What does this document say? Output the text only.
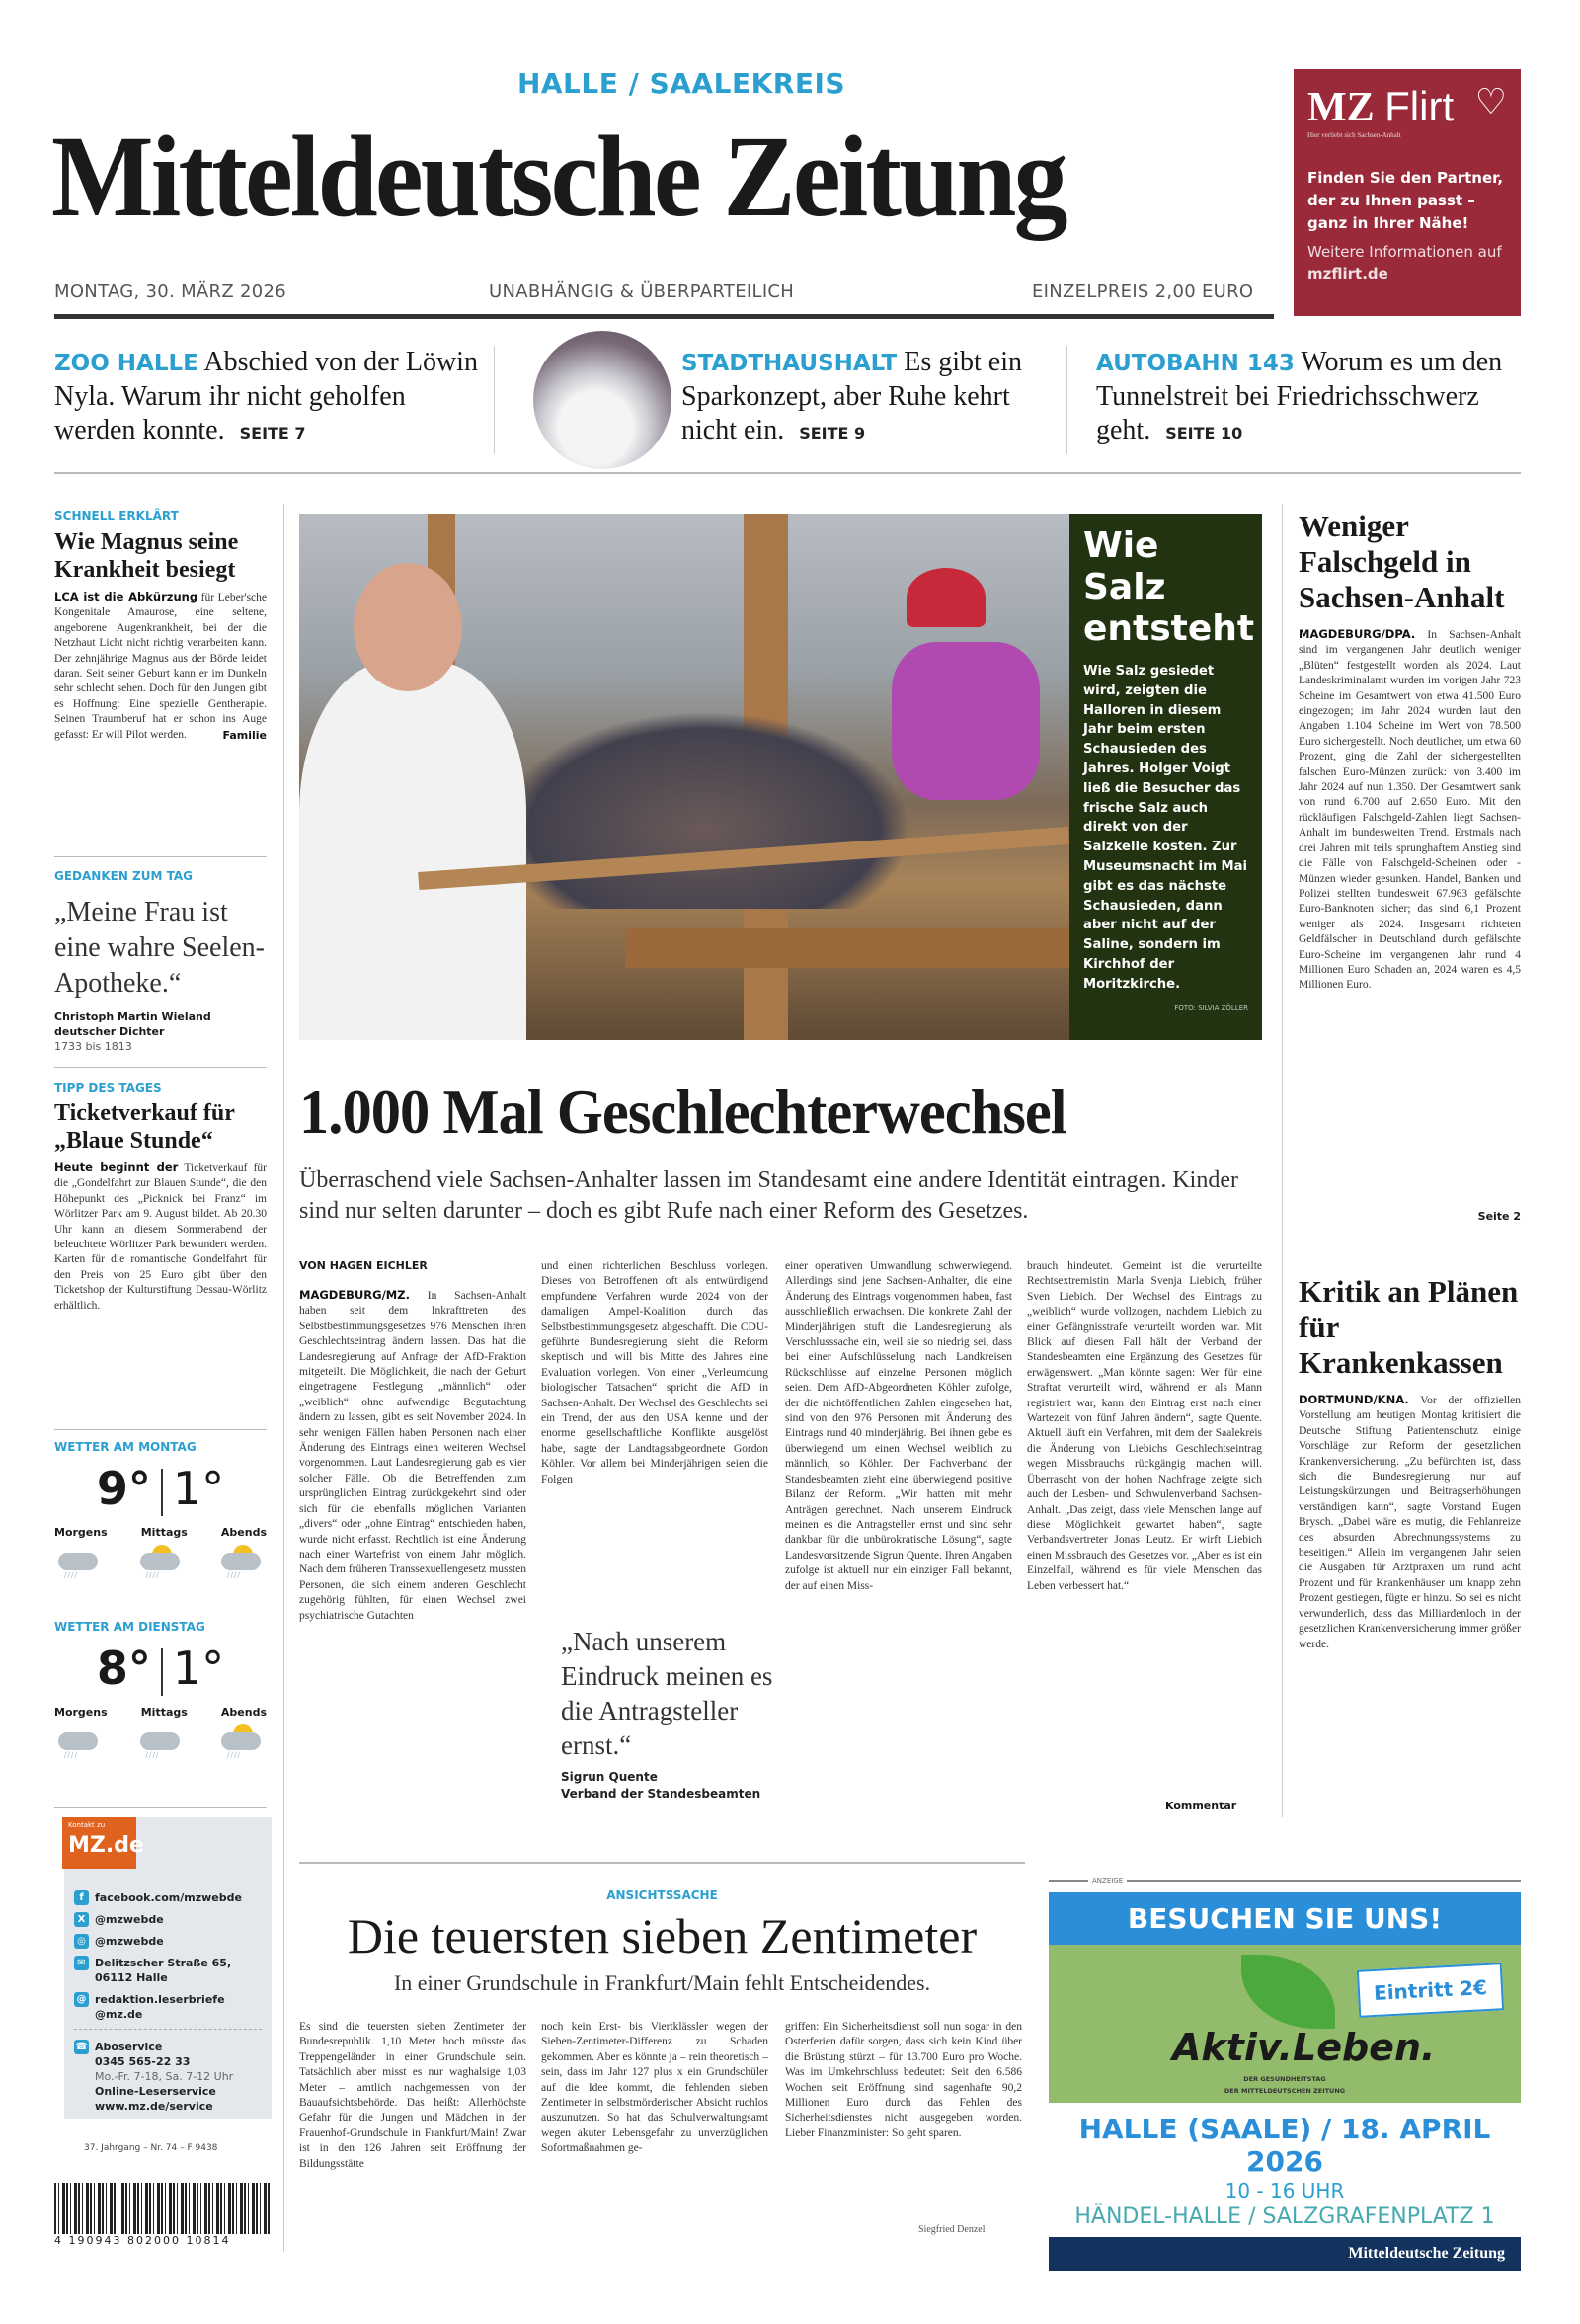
HALLE / SAALEKREIS
Mitteldeutsche Zeitung
MONTAG, 30. MÄRZ 2026	UNABHÄNGIG & ÜBERPARTEILICH	EINZELPREIS 2,00 EURO
♡
MZ Flirt
Hier verliebt sich Sachsen-Anhalt
Finden Sie den Partner, der zu Ihnen passt – ganz in Ihrer Nähe!
Weitere Informationen auf mzflirt.de
ZOO HALLE Abschied von der Löwin Nyla. Warum ihr nicht geholfen werden konnte. SEITE 7
STADTHAUSHALT Es gibt ein Sparkonzept, aber Ruhe kehrt nicht ein. SEITE 9
AUTOBAHN 143 Worum es um den Tunnelstreit bei Friedrichsschwerz geht. SEITE 10
SCHNELL ERKLÄRT
Wie Magnus seine Krankheit besiegt

LCA ist die Abkürzung für Leber'sche Kongenitale Amaurose, eine seltene, angeborene Augenkrankheit, bei der die Netzhaut Licht nicht richtig verarbeiten kann. Der zehnjährige Magnus aus der Börde leidet daran. Seit seiner Geburt kann er im Dunkeln sehr schlecht sehen. Doch für den Jungen gibt es Hoffnung: Eine spezielle Gentherapie. Seinen Traumberuf hat er schon ins Auge gefasst: Er will Pilot werden.	Familie

GEDANKEN ZUM TAG
„Meine Frau ist eine wahre Seelen-Apotheke.“
Christoph Martin Wieland
deutscher Dichter
1733 bis 1813
TIPP DES TAGES
Ticketverkauf für „Blaue Stunde“

Heute beginnt der Ticketverkauf für die „Gondelfahrt zur Blauen Stunde“, die den Höhepunkt des „Picknick bei Franz“ im Wörlitzer Park am 9. August bildet. Ab 20.30 Uhr kann an diesem Sommerabend der beleuchtete Wörlitzer Park bewundert werden. Karten für die romantische Gondelfahrt für den Preis von 25 Euro gibt über den Ticketshop der Kulturstiftung Dessau-Wörlitz erhältlich.

WETTER AM MONTAG
9° 1°
Morgens	Mittags	Abends
////	////	////
WETTER AM DIENSTAG
8° 1°
Morgens	Mittags	Abends
////	////	////
Kontakt zu
MZ.de
f	facebook.com/mzwebde
X @mzwebde
◎ @mzwebde
✉ Delitzscher Straße 65, 06112 Halle
@ redaktion.leserbriefe @mz.de
☎ Aboservice
0345 565-22 33
Mo.-Fr. 7-18, Sa. 7-12 Uhr
Online-Leserservice
www.mz.de/service
37. Jahrgang – Nr. 74 – F 9438
4 190943 802000 10814
Wie Salz entsteht

Wie Salz gesiedet wird, zeigten die Halloren in diesem Jahr beim ersten Schausieden des Jahres. Holger Voigt ließ die Besucher das frische Salz auch direkt von der Salzkelle kosten. Zur Museumsnacht im Mai gibt es das nächste Schausieden, dann aber nicht auf der Saline, sondern im Kirchhof der Moritzkirche.

FOTO: SILVIA ZÖLLER
1.000 Mal Geschlechterwechsel
Überraschend viele Sachsen-Anhalter lassen im Standesamt eine andere Identität eintragen. Kinder sind nur selten darunter – doch es gibt Rufe nach einer Reform des Gesetzes.
VON HAGEN EICHLER

MAGDEBURG/MZ. In Sachsen-Anhalt haben seit dem Inkrafttreten des Selbstbestimmungsgesetzes 976 Menschen ihren Geschlechtseintrag ändern lassen. Das hat die Landesregierung auf Anfrage der AfD-Fraktion mitgeteilt. Die Möglichkeit, die nach der Geburt eingetragene Festlegung „männlich“ oder „weiblich“ ohne aufwendige Begutachtung ändern zu lassen, gibt es seit November 2024. In sehr wenigen Fällen haben Personen nach einer Änderung des Eintrags einen weiteren Wechsel vorgenommen. Laut Landesregierung gab es vier solcher Fälle. Ob die Betreffenden zum ursprünglichen Eintrag zurückgekehrt sind oder sich für die ebenfalls möglichen Varianten „divers“ oder „ohne Eintrag“ entschieden haben, wurde nicht erfasst. Rechtlich ist eine Änderung nach einer Wartefrist von einem Jahr möglich. Nach dem früheren Transsexuellengesetz mussten Personen, die sich einem anderen Geschlecht zugehörig fühlten, für einen Wechsel zwei psychiatrische Gutachten

und einen richterlichen Beschluss vorlegen. Dieses von Betroffenen oft als entwürdigend empfundene Verfahren wurde 2024 von der damaligen Ampel-Koalition durch das Selbstbestimmungsgesetz abgeschafft. Die CDU-geführte Bundesregierung sieht die Reform skeptisch und will bis Mitte des Jahres eine Evaluation vorlegen. Von einer „Verleumdung biologischer Tatsachen“ spricht die AfD in Sachsen-Anhalt. Der Wechsel des Geschlechts sei ein Trend, der aus den USA kenne und der enorme gesellschaftliche Konflikte ausgelöst habe, sagte der Landtagsabgeordnete Gordon Köhler. Vor allem bei Minderjährigen seien die Folgen

„Nach unserem Eindruck meinen es die Antragsteller ernst.“
Sigrun Quente
Verband der Standesbeamten

einer operativen Umwandlung schwerwiegend. Allerdings sind jene Sachsen-Anhalter, die eine Änderung des Eintrags vorgenommen haben, fast ausschließlich erwachsen. Die konkrete Zahl der Minderjährigen stuft die Landesregierung als Verschlusssache ein, weil sie so niedrig sei, dass bei einer Aufschlüsselung nach Landkreisen Rückschlüsse auf einzelne Personen möglich seien. Dem AfD-Abgeordneten Köhler zufolge, der die nichtöffentlichen Zahlen eingesehen hat, sind von den 976 Personen mit Änderung des Eintrags rund 40 minderjährig. Bei ihnen gebe es überwiegend um einen Wechsel weiblich zu männlich, so Köhler. Der Fachverband der Standesbeamten zieht eine überwiegend positive Bilanz der Reform. „Wir hatten mit mehr Anträgen gerechnet. Nach unserem Eindruck meinen es die Antragsteller ernst und sind sehr dankbar für die unbürokratische Lösung“, sagte Landesvorsitzende Sigrun Quente. Ihren Angaben zufolge ist aktuell nur ein einziger Fall bekannt, der auf einen Miss-

brauch hindeutet. Gemeint ist die verurteilte Rechtsextremistin Marla Svenja Liebich, früher Sven Liebich. Der Wechsel des Eintrags zu „weiblich“ wurde vollzogen, nachdem Liebich zu einer Gefängnisstrafe verurteilt worden war. Mit Blick auf diesen Fall hält der Verband der Standesbeamten eine Ergänzung des Gesetzes für erwägenswert. „Man könnte sagen: Wer für eine Straftat verurteilt wird, während er als Mann registriert war, kann den Eintrag erst nach einer Wartezeit von fünf Jahren ändern“, sagte Quente. Aktuell läuft ein Verfahren, mit dem der Saalekreis die Änderung von Liebichs Geschlechtseintrag wegen Missbrauchs rückgängig machen will. Überrascht von der hohen Nachfrage zeigte sich auch der Lesben- und Schwulenverband Sachsen-Anhalt. „Das zeigt, dass viele Menschen lange auf diese Möglichkeit gewartet haben“, sagte Verbandsvertreter Jonas Leutz. Er wirft Liebich einen Missbrauch des Gesetzes vor. „Aber es ist ein Einzelfall, während es für viele Menschen das Leben verbessert hat.“

Kommentar
Weniger Falschgeld in Sachsen-Anhalt

MAGDEBURG/DPA. In Sachsen-Anhalt sind im vergangenen Jahr deutlich weniger „Blüten“ festgestellt worden als 2024. Laut Landeskriminalamt wurden im vorigen Jahr 723 Scheine im Gesamtwert von etwa 41.500 Euro eingezogen; im Jahr 2024 wurden laut den Angaben 1.104 Scheine im Wert von 78.500 Euro sichergestellt. Noch deutlicher, um etwa 60 Prozent, ging die Zahl der sichergestellten falschen Euro-Münzen zurück: von 3.400 im Jahr 2024 auf nun 1.350. Der Gesamtwert sank von rund 6.700 auf 2.650 Euro. Mit den rückläufigen Falschgeld-Zahlen liegt Sachsen-Anhalt im bundesweiten Trend. Erstmals nach drei Jahren mit teils sprunghaftem Anstieg sind die Fälle von Falschgeld-Scheinen oder -Münzen wieder gesunken. Handel, Banken und Polizei stellten bundesweit 67.963 gefälschte Euro-Banknoten sicher; das sind 6,1 Prozent weniger als 2024. Insgesamt richteten Geldfälscher in Deutschland durch gefälschte Euro-Scheine im vergangenen Jahr rund 4 Millionen Euro Schaden an, 2024 waren es 4,5 Millionen Euro.

Seite 2
Kritik an Plänen für Krankenkassen

DORTMUND/KNA. Vor der offiziellen Vorstellung am heutigen Montag kritisiert die Deutsche Stiftung Patientenschutz einige Vorschläge zur Reform der gesetzlichen Krankenversicherung. „Zu befürchten ist, dass sich die Bundesregierung nur auf Leistungskürzungen und Beitragserhöhungen verständigen kann“, sagte Vorstand Eugen Brysch. „Dabei wäre es mutig, die Fehlanreize des absurden Abrechnungssystems zu beseitigen.“ Allein im vergangenen Jahr seien die Ausgaben für Arztpraxen um rund acht Prozent und für Krankenhäuser um knapp zehn Prozent gestiegen, fügte er hinzu. So sei es nicht verwunderlich, dass das Milliardenloch in der gesetzlichen Krankenversicherung immer größer werde.

ANSICHTSSACHE
Die teuersten sieben Zentimeter
In einer Grundschule in Frankfurt/Main fehlt Entscheidendes.

Es sind die teuersten sieben Zentimeter der Bundesrepublik. 1,10 Meter hoch müsste das Treppengeländer in einer Grundschule sein. Tatsächlich aber misst es nur waghalsige 1,03 Meter – amtlich nachgemessen von der Bauaufsichtsbehörde. Das heißt: Allerhöchste Gefahr für die Jungen und Mädchen in der Frauenhof-Grundschule in Frankfurt/Main! Zwar ist in den 126 Jahren seit Eröffnung der Bildungsstätte

noch kein Erst- bis Viertklässler wegen der Sieben-Zentimeter-Differenz zu Schaden gekommen. Aber es könnte ja – rein theoretisch – sein, dass im Jahr 127 plus x ein Grundschüler auf die Idee kommt, die fehlenden sieben Zentimeter in selbstmörderischer Absicht ruchlos auszunutzen. So hat das Schulverwaltungsamt wegen akuter Lebensgefahr zu unverzüglichen Sofortmaßnahmen ge-

griffen: Ein Sicherheitsdienst soll nun sogar in den Osterferien dafür sorgen, dass sich kein Kind über die Brüstung stürzt – für 13.700 Euro pro Woche. Was im Umkehrschluss bedeutet: Seit den 6.586 Wochen seit Eröffnung sind sagenhafte 90,2 Millionen Euro durch das Fehlen des Sicherheitsdienstes nicht ausgegeben worden. Lieber Finanzminister: So geht sparen.

Siegfried Denzel
ANZEIGE
BESUCHEN SIE UNS!
Aktiv.Leben.
DER GESUNDHEITSTAG
DER MITTELDEUTSCHEN ZEITUNG
Eintritt 2€
HALLE (SAALE) / 18. APRIL 2026
10 - 16 UHR
HÄNDEL-HALLE / SALZGRAFENPLATZ 1
Mitteldeutsche Zeitung
